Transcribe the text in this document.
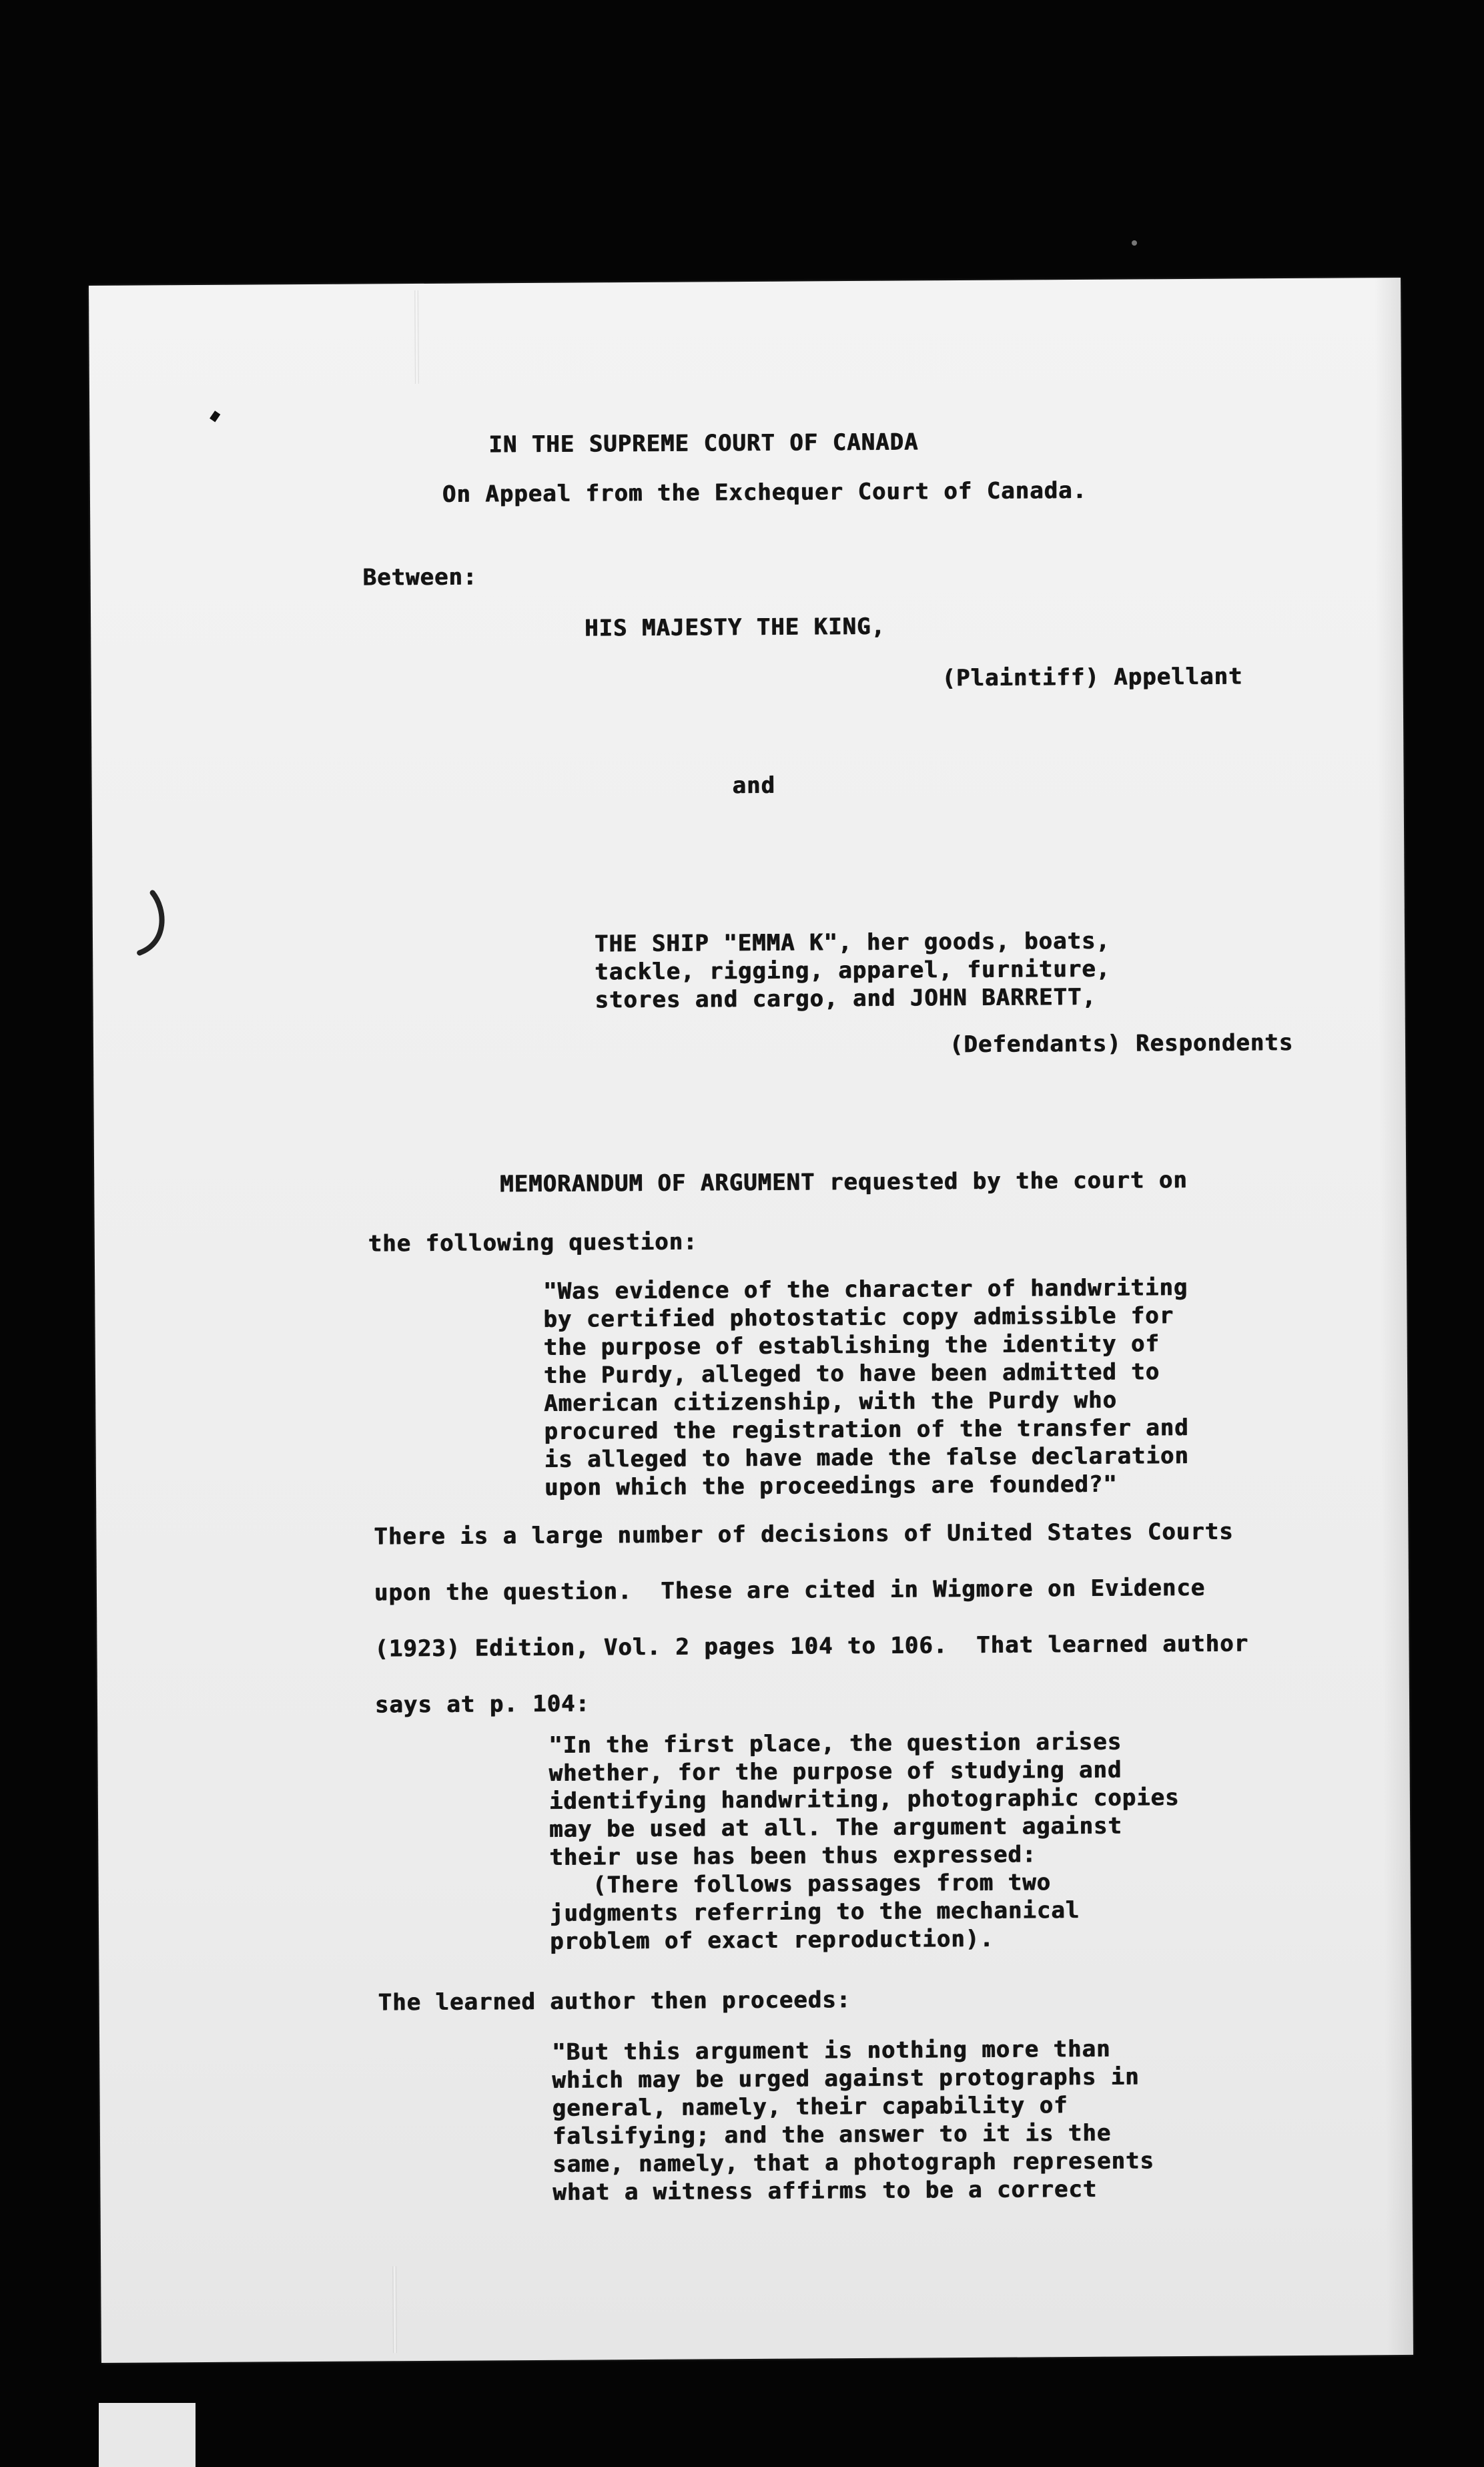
IN THE SUPREME COURT OF CANADA
On Appeal from the Exchequer Court of Canada.
Between:
HIS MAJESTY THE KING,
(Plaintiff) Appellant
and
THE SHIP "EMMA K", her goods, boats,
tackle, rigging, apparel, furniture,
stores and cargo, and JOHN BARRETT,
(Defendants) Respondents
MEMORANDUM OF ARGUMENT requested by the court on
the following question:
"Was evidence of the character of handwriting
by certified photostatic copy admissible for
the purpose of establishing the identity of
the Purdy, alleged to have been admitted to
American citizenship, with the Purdy who
procured the registration of the transfer and
is alleged to have made the false declaration
upon which the proceedings are founded?"
There is a large number of decisions of United States Courts
upon the question.  These are cited in Wigmore on Evidence
(1923) Edition, Vol. 2 pages 104 to 106.  That learned author
says at p. 104:
"In the first place, the question arises
whether, for the purpose of studying and
identifying handwriting, photographic copies
may be used at all. The argument against
their use has been thus expressed:
(There follows passages from two
judgments referring to the mechanical
problem of exact reproduction).
The learned author then proceeds:
"But this argument is nothing more than
which may be urged against protographs in
general, namely, their capability of
falsifying; and the answer to it is the
same, namely, that a photograph represents
what a witness affirms to be a correct
